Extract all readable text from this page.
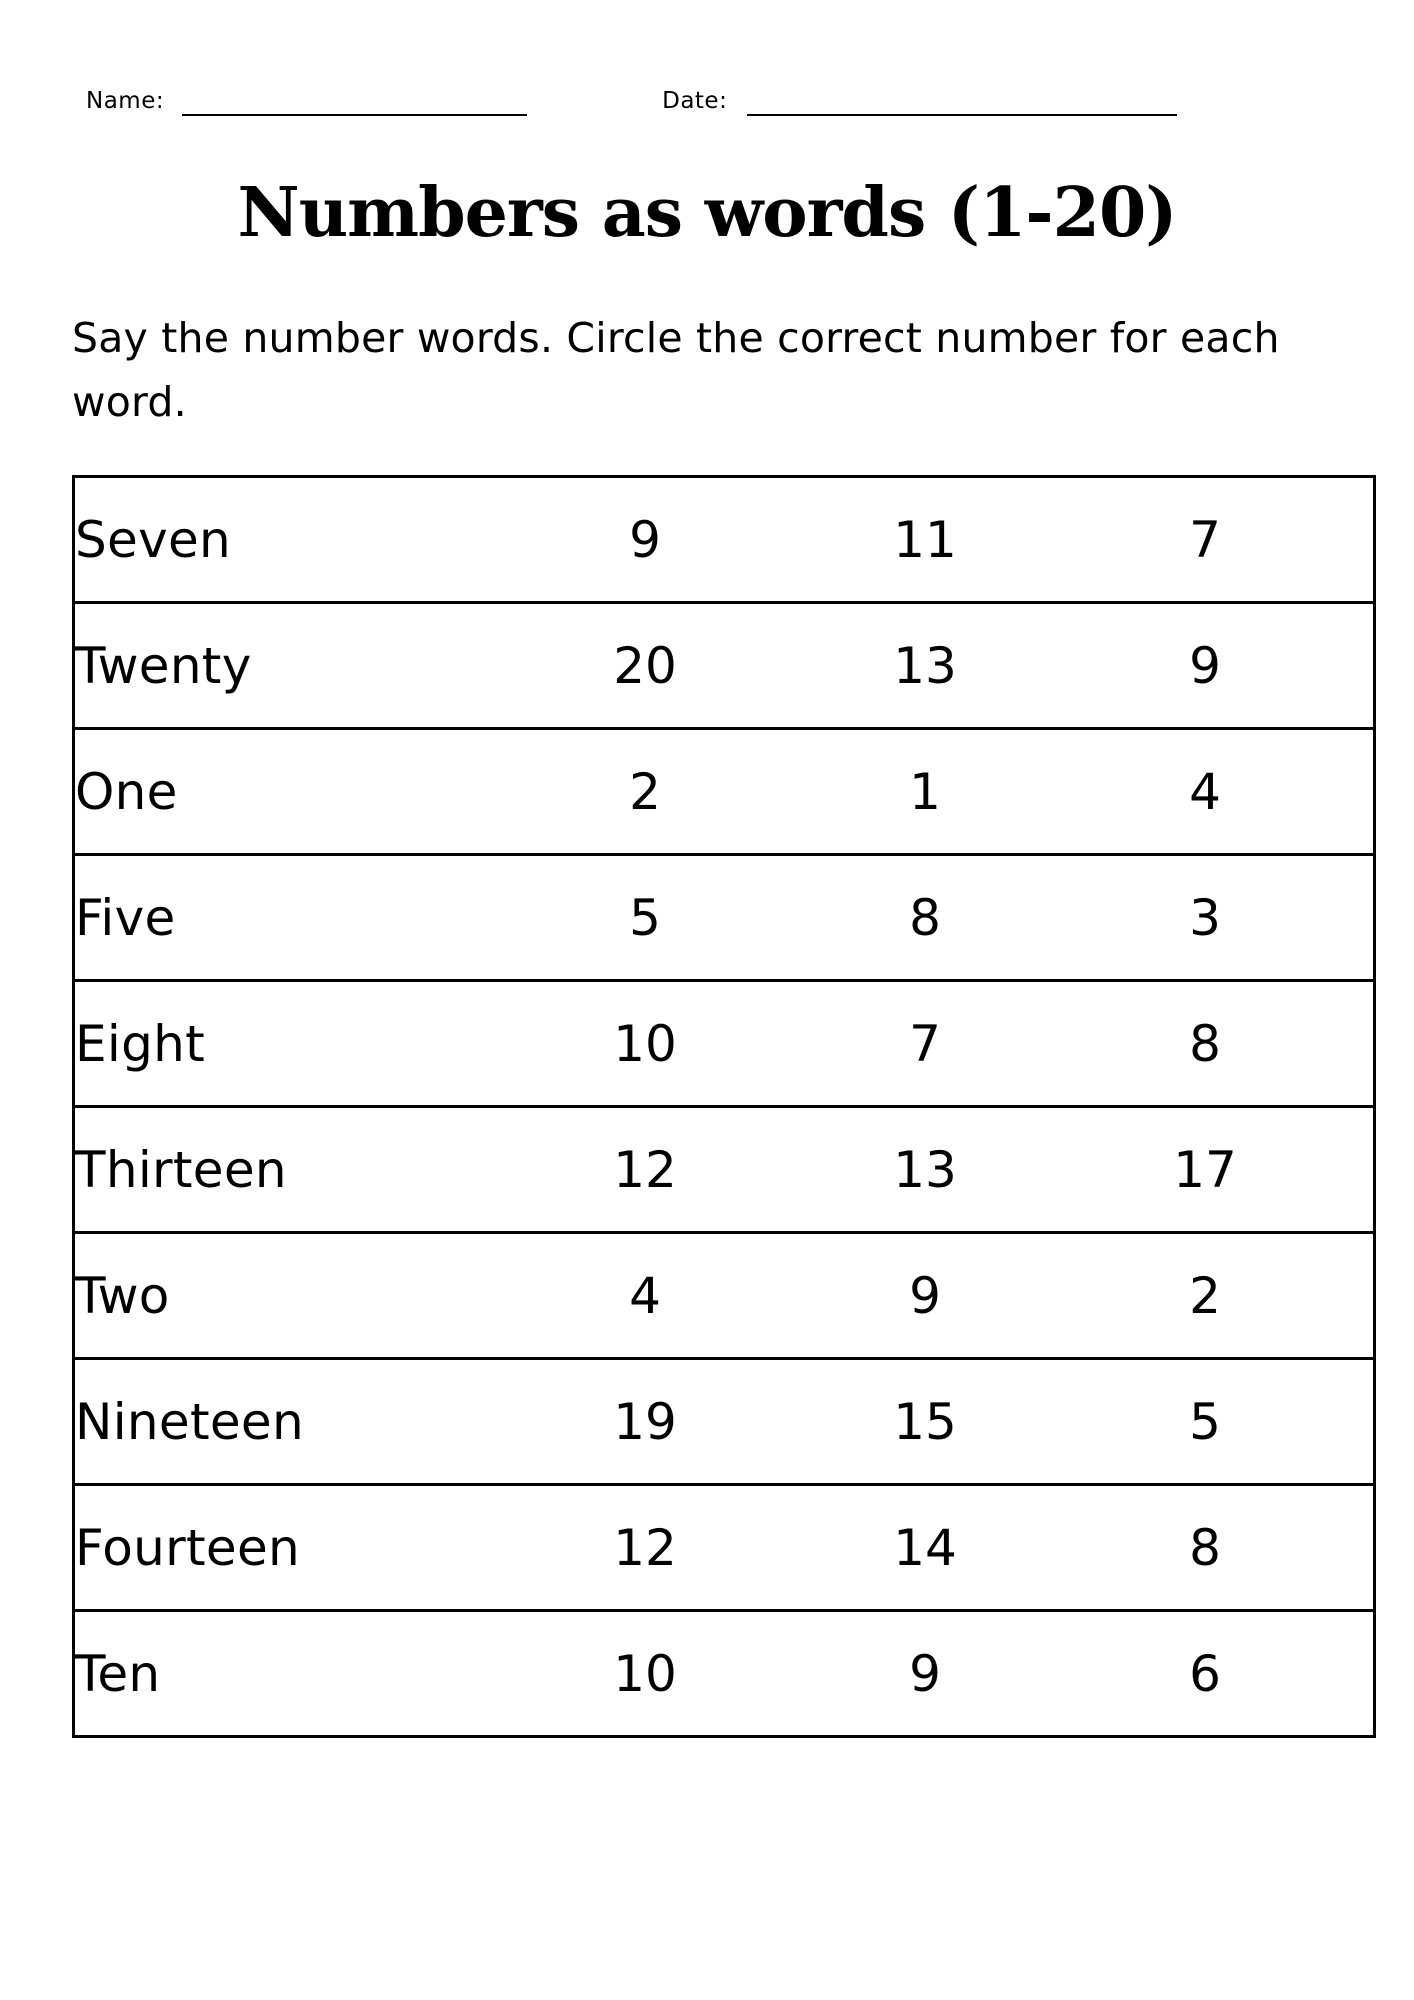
Name:	Date:
Numbers as words (1-20)

Say the number words. Circle the correct number for each word.

Seven	9	11	7
Twenty	20	13	9
One	2	1	4
Five	5	8	3
Eight	10	7	8
Thirteen	12	13	17
Two	4	9	2
Nineteen	19	15	5
Fourteen	12	14	8
Ten	10	9	6
